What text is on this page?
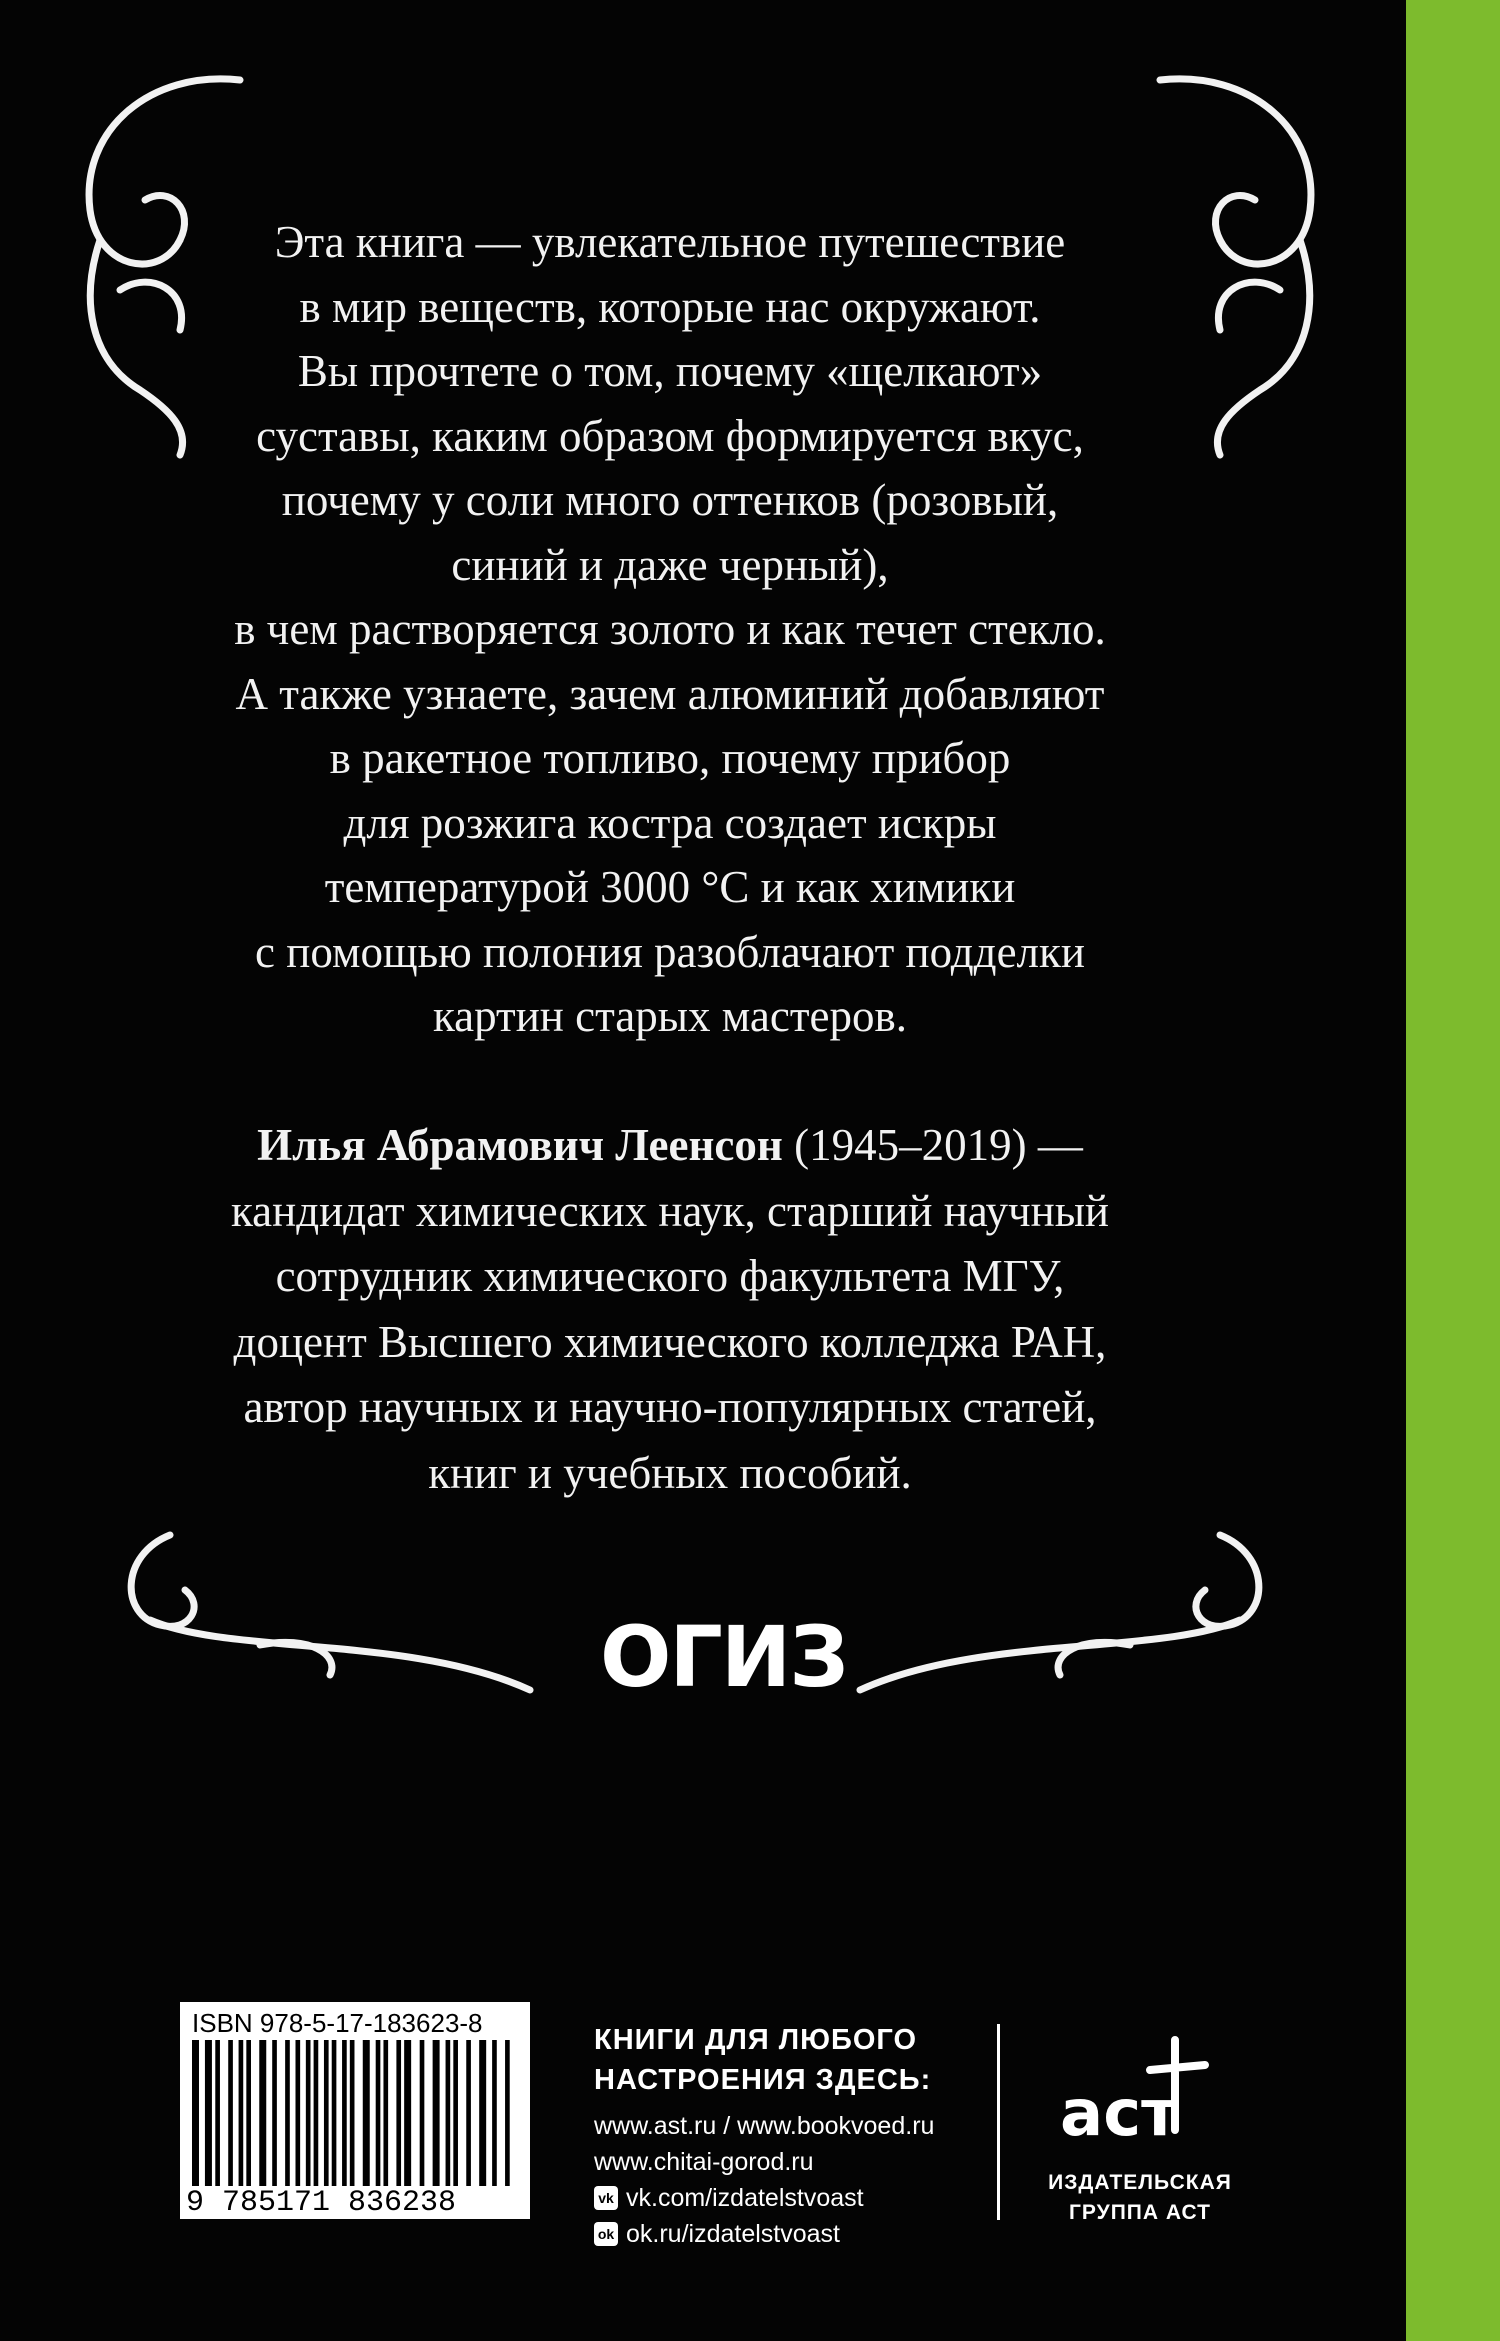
Эта книга — увлекательное путешествие
в мир веществ, которые нас окружают.
Вы прочтете о том, почему «щелкают»
суставы, каким образом формируется вкус,
почему у соли много оттенков (розовый,
синий и даже черный),
в чем растворяется золото и как течет стекло.
А также узнаете, зачем алюминий добавляют
в ракетное топливо, почему прибор
для розжига костра создает искры
температурой 3000 °С и как химики
с помощью полония разоблачают подделки
картин старых мастеров.
Илья Абрамович Леенсон (1945–2019) —
кандидат химических наук, старший научный
сотрудник химического факультета МГУ,
доцент Высшего химического колледжа РАН,
автор научных и научно-популярных статей,
книг и учебных пособий.
ОГИЗ
ISBN 978-5-17-183623-8
9 785171 836238
КНИГИ ДЛЯ ЛЮБОГО
НАСТРОЕНИЯ ЗДЕСЬ:
www.ast.ru / www.bookvoed.ru
www.chitai-gorod.ru
vk vk.com/izdatelstvoast
ok ok.ru/izdatelstvoast
аст
ИЗДАТЕЛЬСКАЯ
ГРУППА АСТ
